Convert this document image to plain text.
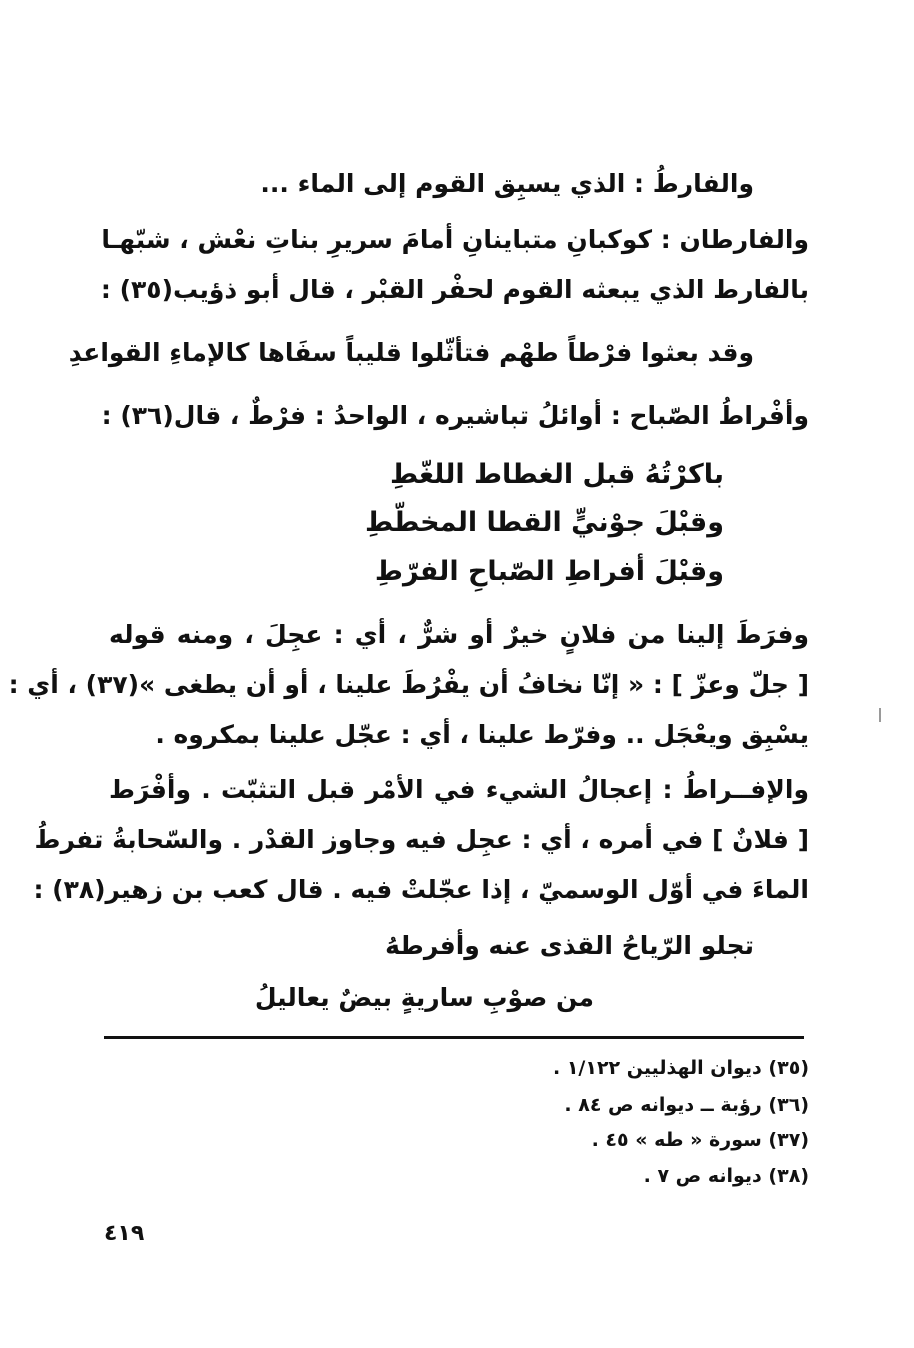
والفارطُ : الذي يسبِق القوم إلى الماء ...
والفارطان : كوكبانِ متباينانِ أمامَ سريرِ بناتِ نعْش ، شبّهـا
بالفارط الذي يبعثه القوم لحفْر القبْر ، قال أبو ذؤيب(٣٥) :
وقد بعثوا فرْطاً طهْم فتأثّلوا قليباً سفَاها كالإماءِ القواعدِ
وأفْراطُ الصّباح : أوائلُ تباشيره ، الواحدُ : فرْطٌ ، قال(٣٦) :
باكرْتُهُ قبل الغطاط اللغّطِ
وقبْلَ جوْنيٍّ القطا المخطّطِ
وقبْلَ أفراطِ الصّباحِ الفرّطِ
وفرَطَ إلينا من فلانٍ خيرٌ أو شرٌّ ، أي : عجِلَ ، ومنه قوله
[ جلّ وعزّ ] : « إنّا نخافُ أن يفْرُطَ علينا ، أو أن يطغى »(٣٧) ، أي :
يسْبِق ويعْجَل .. وفرّط علينا ، أي : عجّل علينا بمكروه .
والإفــراطُ : إعجالُ الشيء في الأمْر قبل التثبّت . وأفْرَط
[ فلانٌ ] في أمره ، أي : عجِل فيه وجاوز القدْر . والسّحابةُ تفرطُ
الماءَ في أوّل الوسميّ ، إذا عجّلتْ فيه . قال كعب بن زهير(٣٨) :
تجلو الرّياحُ القذى عنه وأفرطهُ
من صوْبِ ساريةٍ بيضٌ يعاليلُ
(٣٥) ديوان الهذليين ١/١٢٢ .
(٣٦) رؤبة ــ ديوانه ص ٨٤ .
(٣٧) سورة « طه » ٤٥ .
(٣٨) ديوانه ص ٧ .
٤١٩
